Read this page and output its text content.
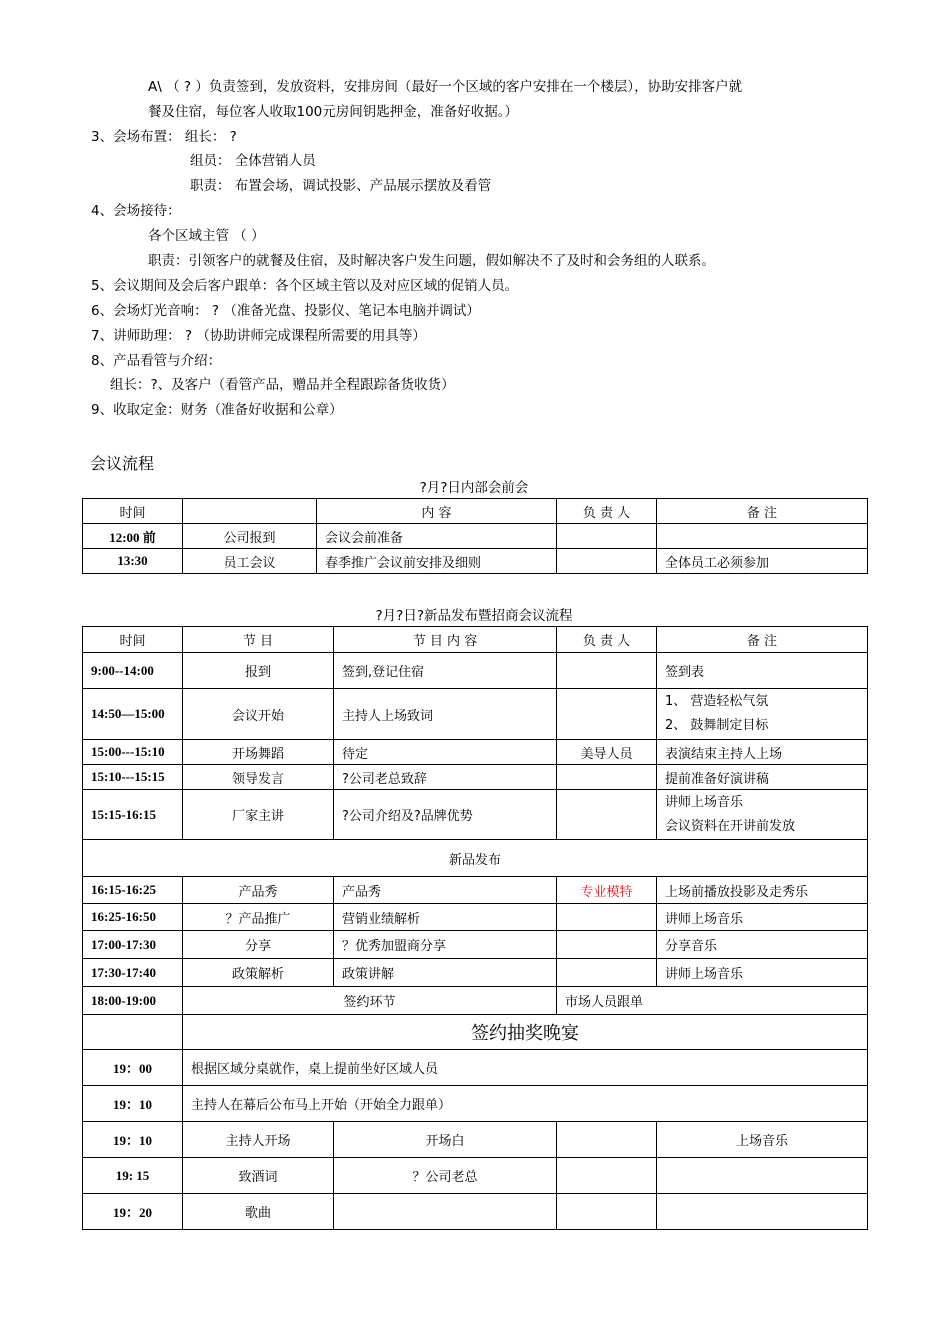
A\ （ ? ）负责签到，发放资料，安排房间（最好一个区域的客户安排在一个楼层），协助安排客户就
餐及住宿，每位客人收取100元房间钥匙押金，准备好收据。）
3、会场布置： 组长： ?
组员： 全体营销人员
职责： 布置会场，调试投影、产品展示摆放及看管
4、会场接待：
各个区域主管 （ ）
职责：引领客户的就餐及住宿，及时解决客户发生问题，假如解决不了及时和会务组的人联系。
5、会议期间及会后客户跟单：各个区域主管以及对应区域的促销人员。
6、会场灯光音响： ? （准备光盘、投影仪、笔记本电脑并调试）
7、讲师助理： ? （协助讲师完成课程所需要的用具等）
8、产品看管与介绍：
组长：?、及客户（看管产品，赠品并全程跟踪备货收货）
9、收取定金：财务（准备好收据和公章）
会议流程
?月?日内部会前会
时间		内 容	负 责 人	备 注
12:00 前	公司报到	会议会前准备		
13:30	员工会议	春季推广会议前安排及细则		全体员工必须参加
?月?日?新品发布暨招商会议流程
时间	节 目	节 目 内 容	负 责 人	备 注
9:00--14:00	报到	签到,登记住宿		签到表
14:50—15:00	会议开始	主持人上场致词		1、 营造轻松气氛
2、 鼓舞制定目标

15:00---15:10	开场舞蹈	待定	美导人员	表演结束主持人上场
15:10---15:15	领导发言	?公司老总致辞		提前准备好演讲稿
15:15-16:15	厂家主讲	?公司介绍及?品牌优势		讲师上场音乐
会议资料在开讲前发放

新品发布				
16:15-16:25	产品秀	产品秀	专业模特	上场前播放投影及走秀乐
16:25-16:50	？产品推广	营销业绩解析		讲师上场音乐
17:00-17:30	分享	？优秀加盟商分享		分享音乐
17:30-17:40	政策解析	政策讲解		讲师上场音乐
18:00-19:00	签约环节		市场人员跟单	
	签约抽奖晚宴			
19：00	根据区域分桌就作，桌上提前坐好区域人员			
19：10	主持人在幕后公布马上开始（开始全力跟单）			
19：10	主持人开场	开场白		上场音乐
19: 15	致酒词	？公司老总		
19：20	歌曲			
